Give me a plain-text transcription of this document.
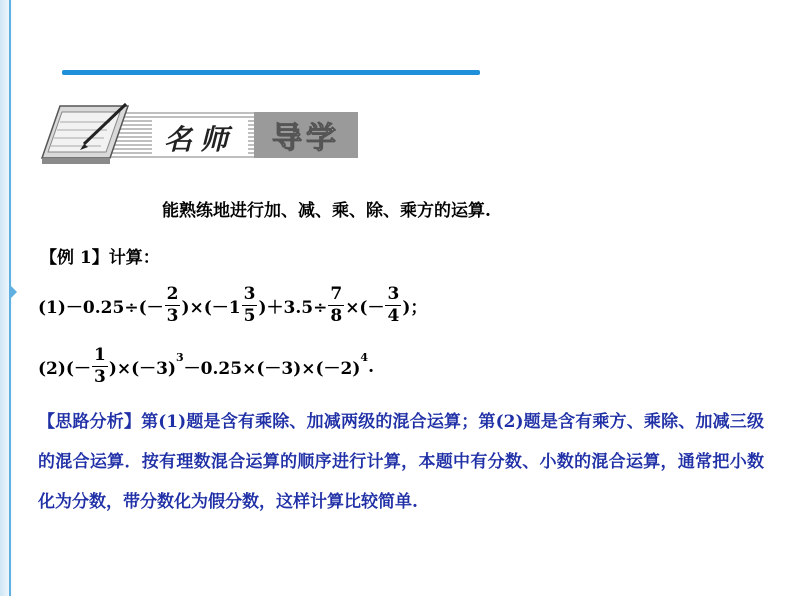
名师	导学
能熟练地进行加、减、乘、除、乘方的运算.
【例 1】计算：
$(1)-0.25\div(- \frac{2}{3} )\times(-1 \frac{3}{5} )+3.5\div \frac{7}{8}$ ×(－ $\frac{3}{4}$ )；
$(2)(- \frac{1}{3} )\times(-3)$
3
－0.25×(－3)×(－2)
4 .
【思路分析】第(1)题是含有乘除、加减两级的混合运算；第(2)题是含有乘方、乘除、加减三级的混合运算．按有理数混合运算的顺序进行计算，本题中有分数、小数的混合运算，通常把小数化为分数，带分数化为假分数，这样计算比较简单.
